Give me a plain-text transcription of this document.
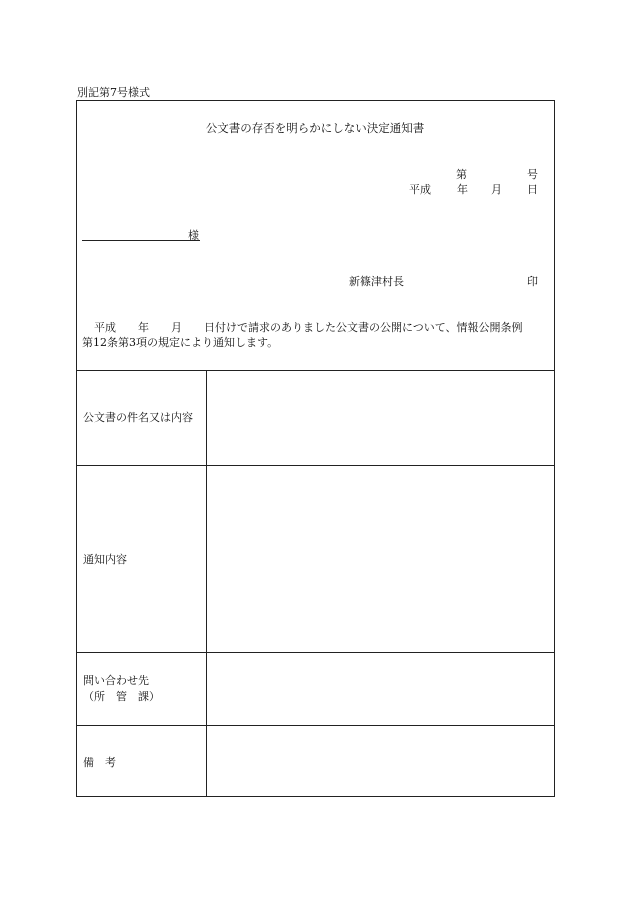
別記第7号様式
公文書の存否を明らかにしない決定通知書
第	号
平成 年 月 日
様
新篠津村長	印
平成　　年　　月　　日付けで請求のありました公文書の公開について、情報公開条例
第12条第3項の規定により通知します。
公文書の件名又は内容
通知内容
問い合わせ先
（所　管　課）
備　考
